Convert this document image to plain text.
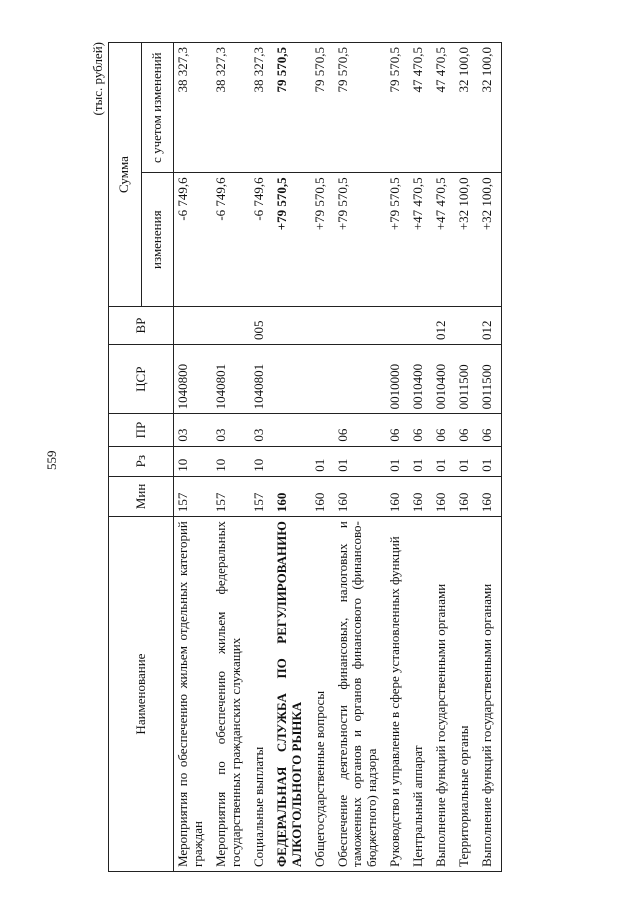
559
(тыс. рублей)
Наименование	Мин	Рз	ПР	ЦСР	ВР	Сумма	
						изменения	с учетом изменений
Мероприятия по обеспечению жильем отдельных категорий граждан	157	10	03	1040800		-6 749,6	38 327,3
Мероприятия по обеспечению жильем федеральных государственных гражданских служащих	157	10	03	1040801		-6 749,6	38 327,3
Социальные выплаты	157	10	03	1040801	005	-6 749,6	38 327,3
ФЕДЕРАЛЬНАЯ СЛУЖБА ПО РЕГУЛИРОВАНИЮ АЛКОГОЛЬНОГО РЫНКА	160					+79 570,5	79 570,5
Общегосударственные вопросы	160	01				+79 570,5	79 570,5
Обеспечение деятельности финансовых, налоговых и таможенных органов и органов финансового (финансово-бюджетного) надзора	160	01	06			+79 570,5	79 570,5
Руководство и управление в сфере установленных функций	160	01	06	0010000		+79 570,5	79 570,5
Центральный аппарат	160	01	06	0010400		+47 470,5	47 470,5
Выполнение функций государственными органами	160	01	06	0010400	012	+47 470,5	47 470,5
Территориальные органы	160	01	06	0011500		+32 100,0	32 100,0
Выполнение функций государственными органами	160	01	06	0011500	012	+32 100,0	32 100,0
